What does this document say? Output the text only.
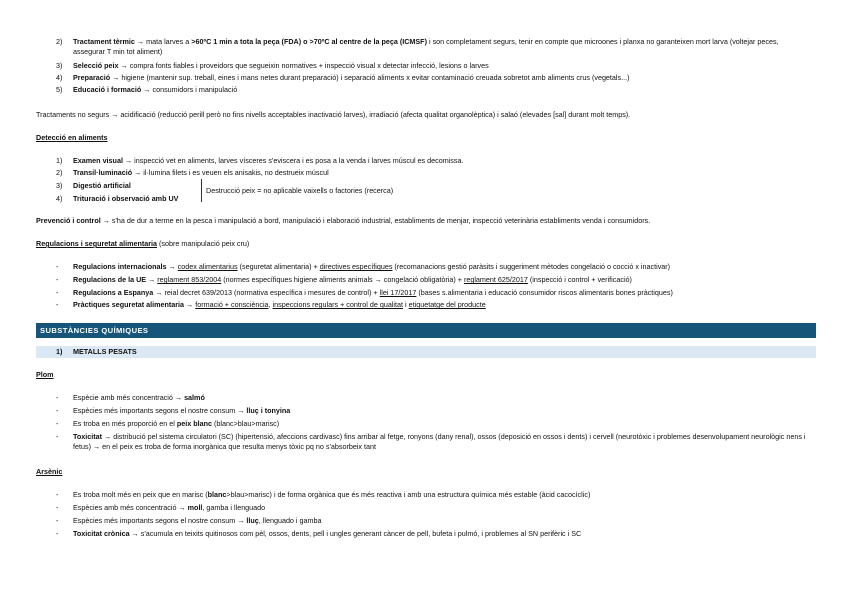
2) Tractament tèrmic → mata larves a >60ºC 1 min a tota la peça (FDA) o >70ºC al centre de la peça (ICMSF) i son completament segurs, tenir en compte que microones i planxa no garanteixen mort larva (voltejar peces, assegurar T min tot aliment)
3) Selecció peix → compra fonts fiables i proveidors que segueixin normatives + inspecció visual x detectar infecció, lesions o larves
4) Preparació → higiene (mantenir sup. treball, eines i mans netes durant preparació) i separació aliments x evitar contaminació creuada sobretot amb aliments crus (vegetals...)
5) Educació i formació → consumidors i manipulació
Tractaments no segurs → acidificació (reducció perill però no fins nivells acceptables inactivació larves), irradiació (afecta qualitat organolèptica) i salaó (elevades [sal] durant molt temps).
Detecció en aliments
1) Examen visual → inspecció vet en aliments, larves vísceres s'eviscera i es posa a la venda i larves múscul es decomissa.
2) Transil·luminació → il·lumina filets i es veuen els anisakis, no destrueix múscul
3) Digestió artificial
4) Trituració i observació amb UV
Destrucció peix = no aplicable vaixells o factories (recerca)
Prevenció i control → s'ha de dur a terme en la pesca i manipulació a bord, manipulació i elaboració industrial, establiments de menjar, inspecció veterinària establiments venda i consumidors.
Regulacions i seguretat alimentaria (sobre manipulació peix cru)
- Regulacions internacionals → codex alimentarius (seguretat alimentaria) + directives específiques (recomanacions gestió paràsits i suggeriment mètodes congelació o cocció x inactivar)
- Regulacions de la UE → reglament 853/2004 (normes específiques higiene aliments animals → congelació obligatòria) + reglament 625/2017 (inspecció i control + verificació)
- Regulacions a Espanya → reial decret 639/2013 (normativa específica i mesures de control) + llei 17/2017 (bases s.alimentaria i educació consumidor riscos alimentaris bones pràctiques)
- Pràctiques seguretat alimentaria → formació + consciència, inspeccions regulars + control de qualitat i etiquetatge del producte
SUBSTÀNCIES QUÍMIQUES
1) METALLS PESATS
Plom
- Espècie amb més concentració → salmó
- Espècies més importants segons el nostre consum → lluç i tonyina
- Es troba en més proporció en el peix blanc (blanc>blau>marisc)
- Toxicitat → distribució pel sistema circulatori (SC) (hipertensió, afeccions cardivasc) fins arribar al fetge, ronyons (dany renal), ossos (deposició en ossos i dents) i cervell (neurotòxic i problemes desenvolupament neurològic nens i fetus) → en el peix es troba de forma inorgànica que resulta menys tòxic pq no s'absorbeix tant
Arsènic
- Es troba molt més en peix que en marisc (blanc>blau>marisc) i de forma orgànica que és més reactiva i amb una estructura química més estable (àcid cacocíclic)
- Espècies amb més concentració → moll, gamba i llenguado
- Espècies més importants segons el nostre consum → lluç, llenguado i gamba
- Toxicitat crònica → s'acumula en teixits quitinosos com pèl, ossos, dents, pell i ungles generant càncer de pell, bufeta i pulmó, i problemes al SN perifèric i SC
